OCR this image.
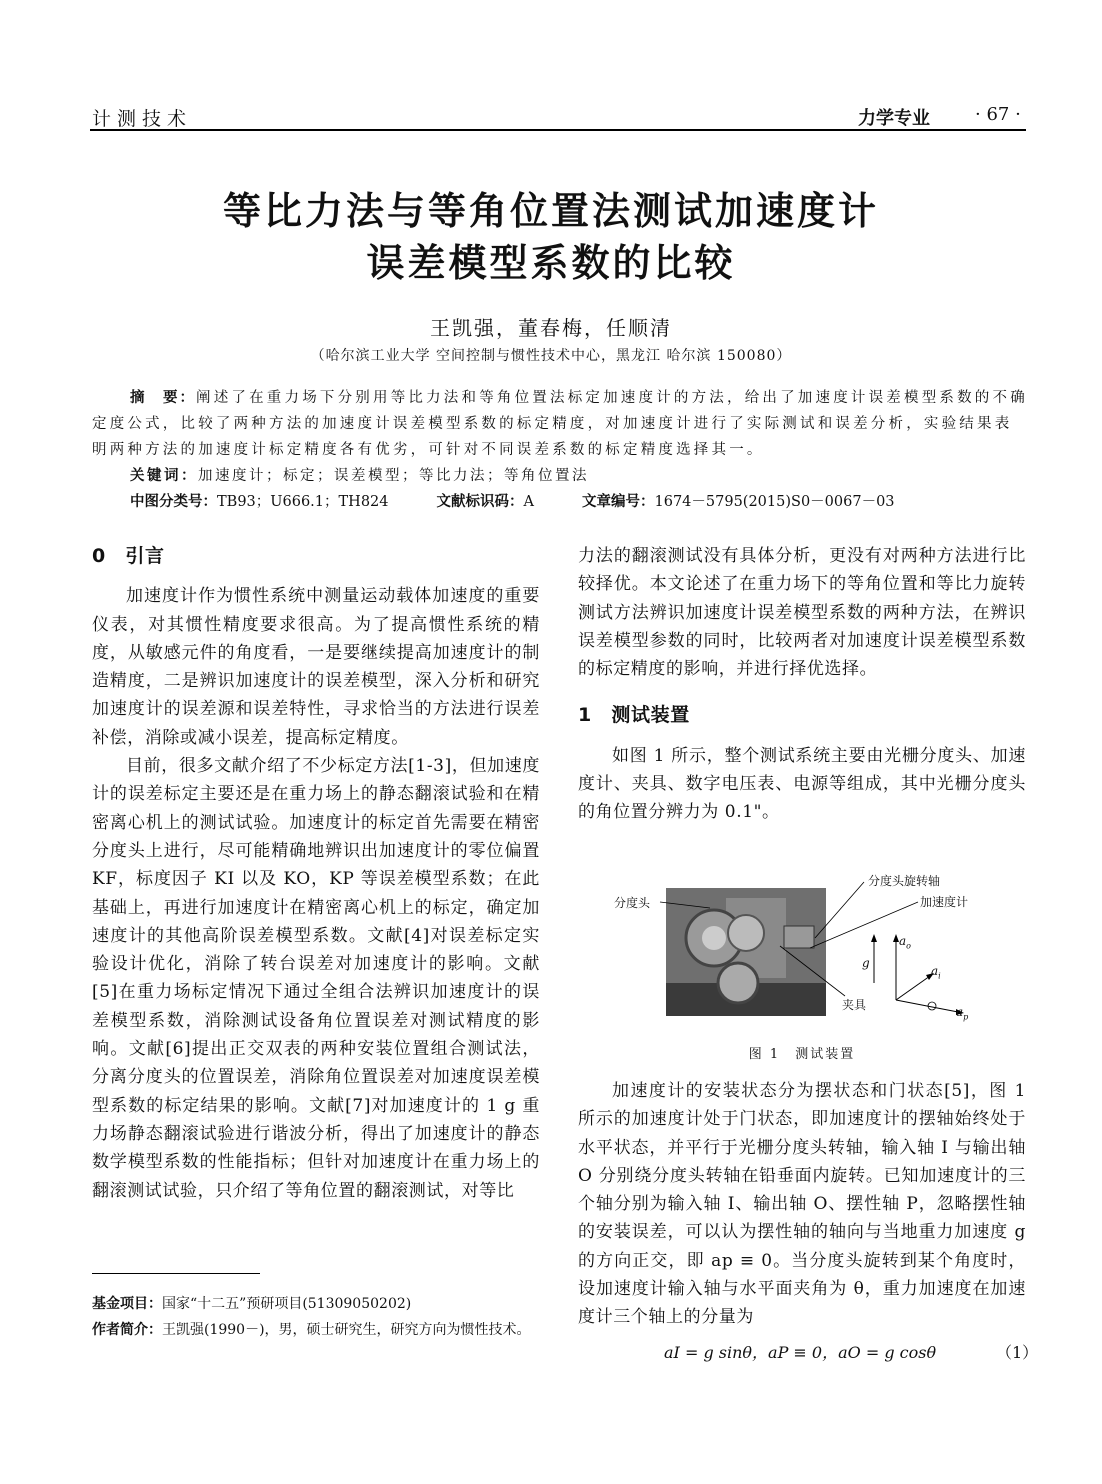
计测技术	力学专业	· 67 ·
等比力法与等角位置法测试加速度计
误差模型系数的比较
王凯强，董春梅，任顺清
（哈尔滨工业大学 空间控制与惯性技术中心，黑龙江 哈尔滨 150080）

摘　要：阐述了在重力场下分别用等比力法和等角位置法标定加速度计的方法，给出了加速度计误差模型系数的不确定度公式，比较了两种方法的加速度计误差模型系数的标定精度，对加速度计进行了实际测试和误差分析，实验结果表明两种方法的加速度计标定精度各有优劣，可针对不同误差系数的标定精度选择其一。

关键词：加速度计；标定；误差模型；等比力法；等角位置法
中图分类号：TB93；U666.1；TH824	文献标识码：A	文章编号：1674－5795(2015)S0－0067－03
0　引言

加速度计作为惯性系统中测量运动载体加速度的重要仪表，对其惯性精度要求很高。为了提高惯性系统的精度，从敏感元件的角度看，一是要继续提高加速度计的制造精度，二是辨识加速度计的误差模型，深入分析和研究加速度计的误差源和误差特性，寻求恰当的方法进行误差补偿，消除或减小误差，提高标定精度。

目前，很多文献介绍了不少标定方法[1-3]，但加速度计的误差标定主要还是在重力场上的静态翻滚试验和在精密离心机上的测试试验。加速度计的标定首先需要在精密分度头上进行，尽可能精确地辨识出加速度计的零位偏置 KF，标度因子 KI 以及 KO，KP 等误差模型系数；在此基础上，再进行加速度计在精密离心机上的标定，确定加速度计的其他高阶误差模型系数。文献[4]对误差标定实验设计优化，消除了转台误差对加速度计的影响。文献[5]在重力场标定情况下通过全组合法辨识加速度计的误差模型系数，消除测试设备角位置误差对测试精度的影响。文献[6]提出正交双表的两种安装位置组合测试法，分离分度头的位置误差，消除角位置误差对加速度误差模型系数的标定结果的影响。文献[7]对加速度计的 1 g 重力场静态翻滚试验进行谐波分析，得出了加速度计的静态数学模型系数的性能指标；但针对加速度计在重力场上的翻滚测试试验，只介绍了等角位置的翻滚测试，对等比

基金项目：国家“十二五”预研项目(51309050202)
作者简介：王凯强(1990－)，男，硕士研究生，研究方向为惯性技术。

力法的翻滚测试没有具体分析，更没有对两种方法进行比较择优。本文论述了在重力场下的等角位置和等比力旋转测试方法辨识加速度计误差模型系数的两种方法，在辨识误差模型参数的同时，比较两者对加速度计误差模型系数的标定精度的影响，并进行择优选择。

1　测试装置

如图 1 所示，整个测试系统主要由光栅分度头、加速度计、夹具、数字电压表、电源等组成，其中光栅分度头的角位置分辨力为 0.1"。

分度头
分度头旋转轴
加速度计
夹具
g
$a_o$
$a_i$
$a_p$
图 1　测试装置

加速度计的安装状态分为摆状态和门状态[5]，图 1 所示的加速度计处于门状态，即加速度计的摆轴始终处于水平状态，并平行于光栅分度头转轴，输入轴 I 与输出轴 O 分别绕分度头转轴在铅垂面内旋转。已知加速度计的三个轴分别为输入轴 I、输出轴 O、摆性轴 P，忽略摆性轴的安装误差，可以认为摆性轴的轴向与当地重力加速度 g 的方向正交，即 ap ≡ 0。当分度头旋转到某个角度时，设加速度计输入轴与水平面夹角为 θ，重力加速度在加速度计三个轴上的分量为

aI = g sinθ，aP ≡ 0，aO = g cosθ	（1）
